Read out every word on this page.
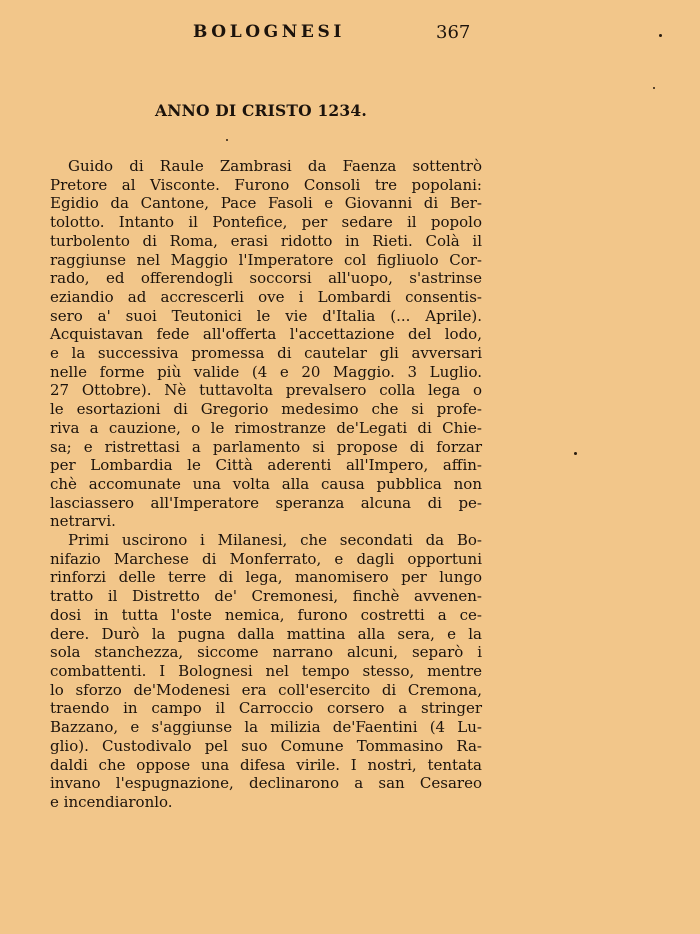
BOLOGNESI	367
ANNO DI CRISTO 1234.
Guido di Raule Zambrasi da Faenza sottentrò
Pretore al Visconte. Furono Consoli tre popolani:
Egidio da Cantone, Pace Fasoli e Giovanni di Ber-
tolotto. Intanto il Pontefice, per sedare il popolo
turbolento di Roma, erasi ridotto in Rieti. Colà il
raggiunse nel Maggio l'Imperatore col figliuolo Cor-
rado, ed offerendogli soccorsi all'uopo, s'astrinse
eziandio ad accrescerli ove i Lombardi consentis-
sero a' suoi Teutonici le vie d'Italia (... Aprile).
Acquistavan fede all'offerta l'accettazione del lodo,
e la successiva promessa di cautelar gli avversari
nelle forme più valide (4 e 20 Maggio. 3 Luglio.
27 Ottobre). Nè tuttavolta prevalsero colla lega o
le esortazioni di Gregorio medesimo che si profe-
riva a cauzione, o le rimostranze de'Legati di Chie-
sa; e ristrettasi a parlamento si propose di forzar
per Lombardia le Città aderenti all'Impero, affin-
chè accomunate una volta alla causa pubblica non
lasciassero all'Imperatore speranza alcuna di pe-
netrarvi.
Primi uscirono i Milanesi, che secondati da Bo-
nifazio Marchese di Monferrato, e dagli opportuni
rinforzi delle terre di lega, manomisero per lungo
tratto il Distretto de' Cremonesi, finchè avvenen-
dosi in tutta l'oste nemica, furono costretti a ce-
dere. Durò la pugna dalla mattina alla sera, e la
sola stanchezza, siccome narrano alcuni, separò i
combattenti. I Bolognesi nel tempo stesso, mentre
lo sforzo de'Modenesi era coll'esercito di Cremona,
traendo in campo il Carroccio corsero a stringer
Bazzano, e s'aggiunse la milizia de'Faentini (4 Lu-
glio). Custodivalo pel suo Comune Tommasino Ra-
daldi che oppose una difesa virile. I nostri, tentata
invano l'espugnazione, declinarono a san Cesareo
e incendiaronlo.
